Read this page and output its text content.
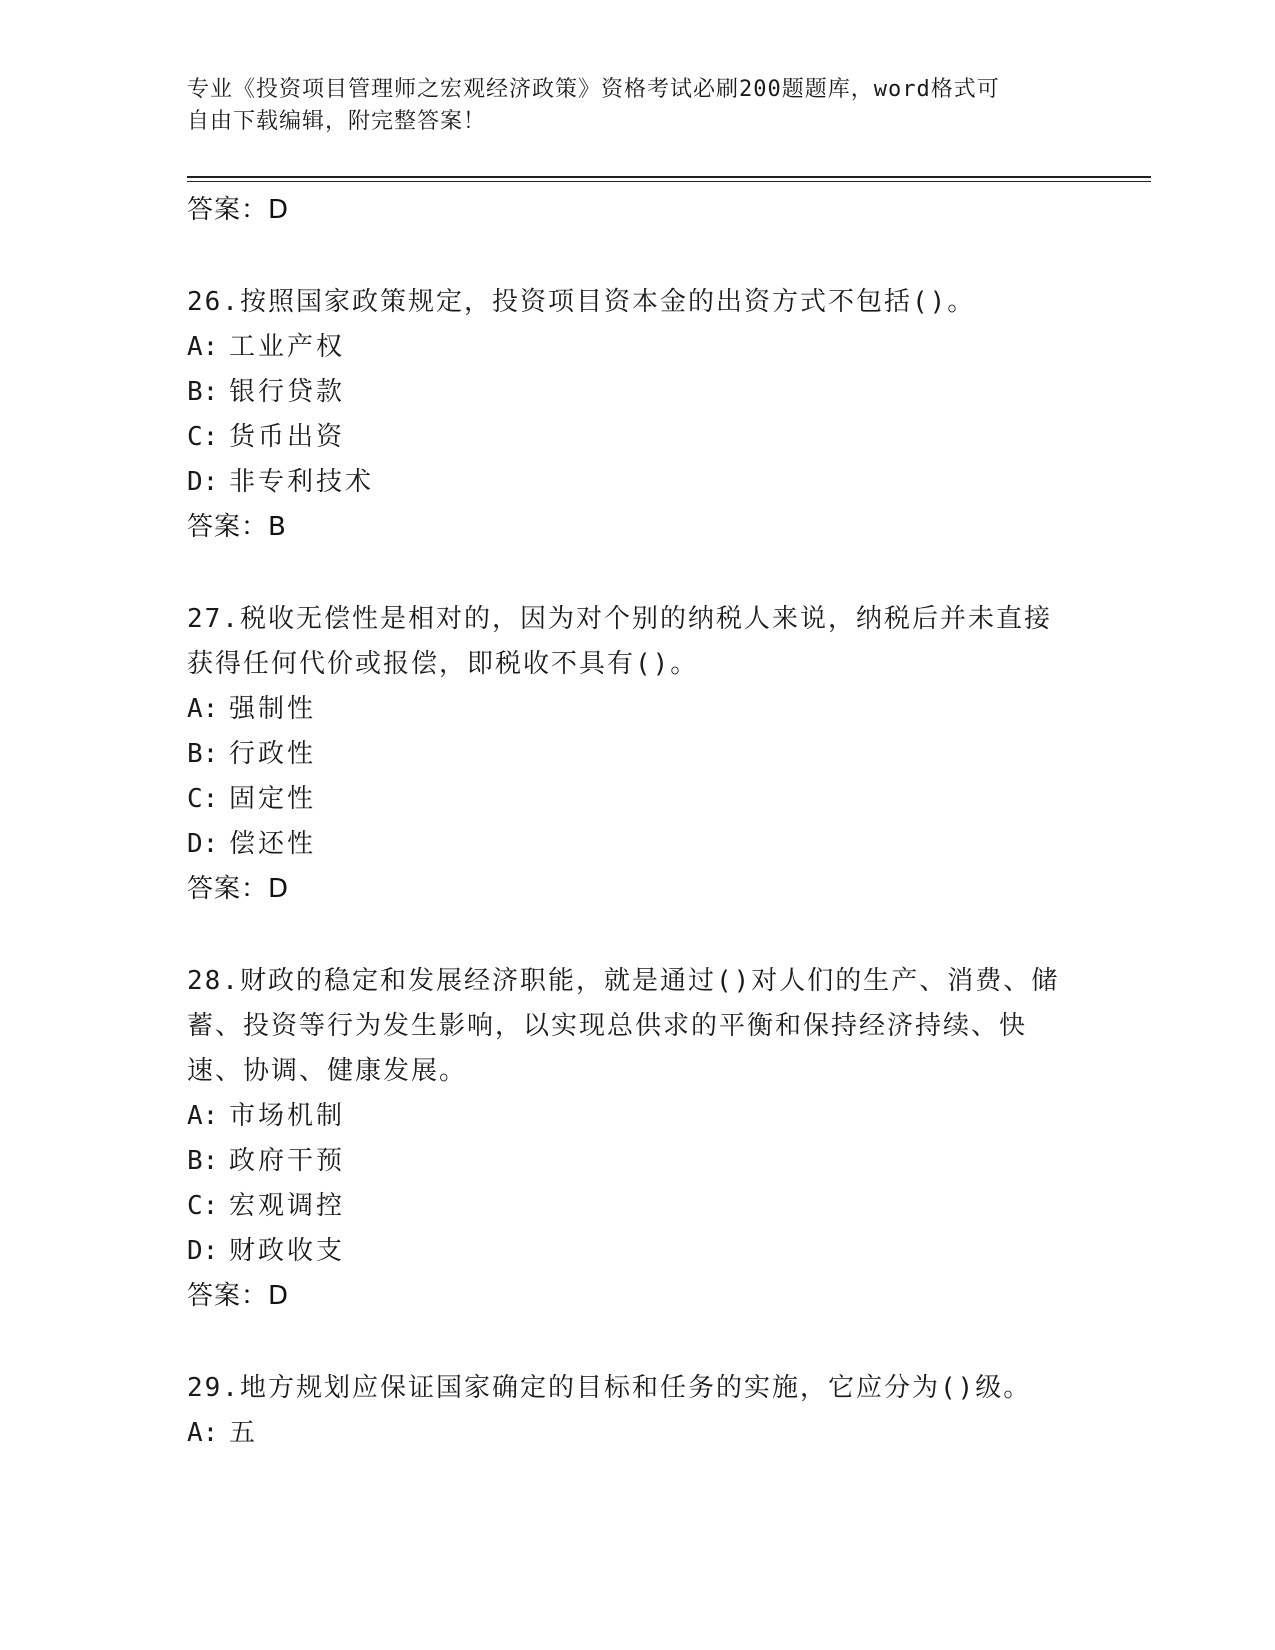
专业《投资项目管理师之宏观经济政策》资格考试必刷200题题库，word格式可
自由下载编辑，附完整答案！
答案：D
26.按照国家政策规定，投资项目资本金的出资方式不包括()。
A: 工业产权
B: 银行贷款
C: 货币出资
D: 非专利技术
答案：B
27.税收无偿性是相对的，因为对个别的纳税人来说，纳税后并未直接
获得任何代价或报偿，即税收不具有()。
A: 强制性
B: 行政性
C: 固定性
D: 偿还性
答案：D
28.财政的稳定和发展经济职能，就是通过()对人们的生产、消费、储
蓄、投资等行为发生影响，以实现总供求的平衡和保持经济持续、快
速、协调、健康发展。
A: 市场机制
B: 政府干预
C: 宏观调控
D: 财政收支
答案：D
29.地方规划应保证国家确定的目标和任务的实施，它应分为()级。
A: 五
